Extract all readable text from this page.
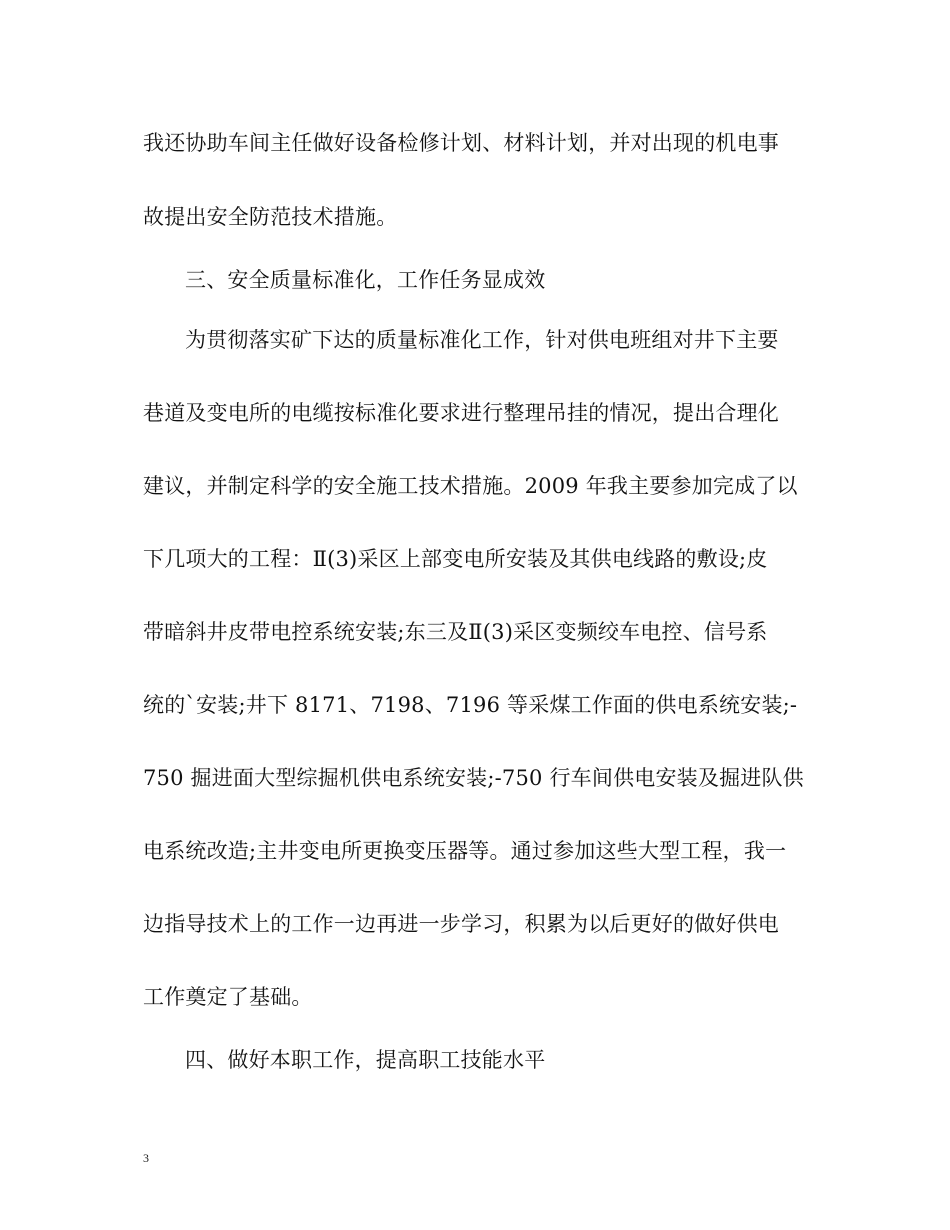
我还协助车间主任做好设备检修计划、材料计划，并对出现的机电事
故提出安全防范技术措施。
三、安全质量标准化，工作任务显成效
为贯彻落实矿下达的质量标准化工作，针对供电班组对井下主要
巷道及变电所的电缆按标准化要求进行整理吊挂的情况，提出合理化
建议，并制定科学的安全施工技术措施。2009 年我主要参加完成了以
下几项大的工程：Ⅱ(3)采区上部变电所安装及其供电线路的敷设;皮
带暗斜井皮带电控系统安装;东三及Ⅱ(3)采区变频绞车电控、信号系
统的`安装;井下 8171、7198、7196 等采煤工作面的供电系统安装;-
750 掘进面大型综掘机供电系统安装;-750 行车间供电安装及掘进队供
电系统改造;主井变电所更换变压器等。通过参加这些大型工程，我一
边指导技术上的工作一边再进一步学习，积累为以后更好的做好供电
工作奠定了基础。
四、做好本职工作，提高职工技能水平
3
